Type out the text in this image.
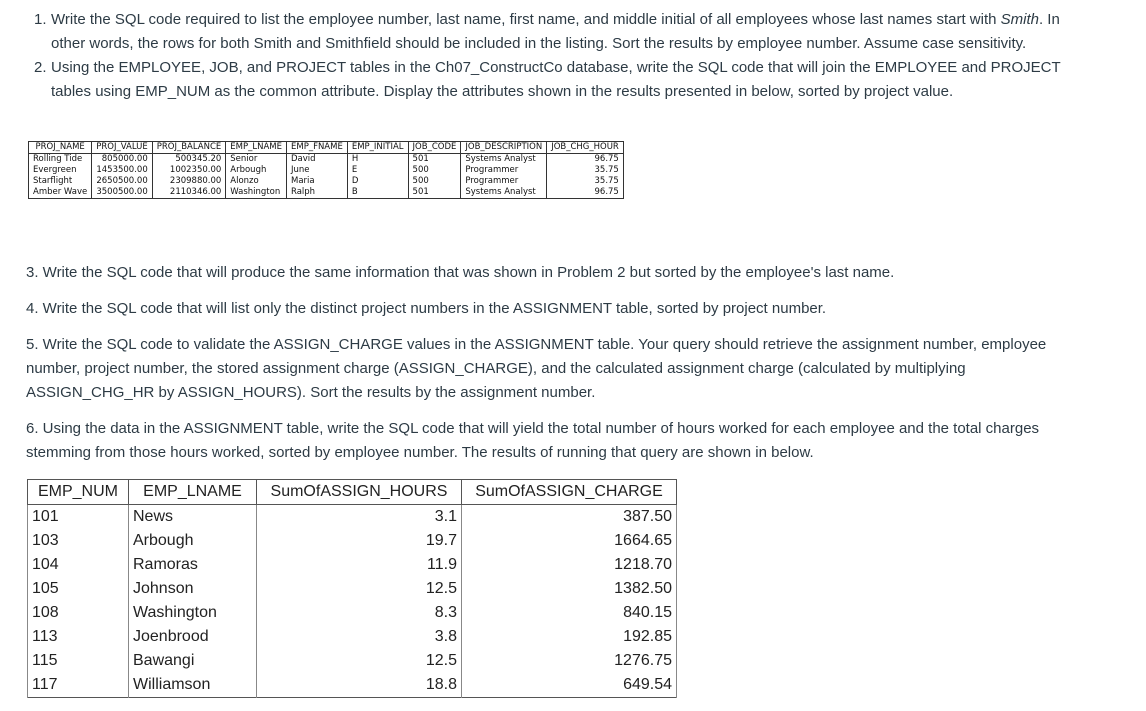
1. Write the SQL code required to list the employee number, last name, first name, and middle initial of all employees whose last names start with Smith. In other words, the rows for both Smith and Smithfield should be included in the listing. Sort the results by employee number. Assume case sensitivity.
2. Using the EMPLOYEE, JOB, and PROJECT tables in the Ch07_ConstructCo database, write the SQL code that will join the EMPLOYEE and PROJECT tables using EMP_NUM as the common attribute. Display the attributes shown in the results presented in below, sorted by project value.
PROJ_NAME	PROJ_VALUE	PROJ_BALANCE	EMP_LNAME	EMP_FNAME	EMP_INITIAL	JOB_CODE	JOB_DESCRIPTION	JOB_CHG_HOUR
Rolling Tide	805000.00	500345.20	Senior	David	H	501	Systems Analyst	96.75
Evergreen	1453500.00	1002350.00	Arbough	June	E	500	Programmer	35.75
Starflight	2650500.00	2309880.00	Alonzo	Maria	D	500	Programmer	35.75
Amber Wave	3500500.00	2110346.00	Washington	Ralph	B	501	Systems Analyst	96.75

3. Write the SQL code that will produce the same information that was shown in Problem 2 but sorted by the employee's last name.

4. Write the SQL code that will list only the distinct project numbers in the ASSIGNMENT table, sorted by project number.

5. Write the SQL code to validate the ASSIGN_CHARGE values in the ASSIGNMENT table. Your query should retrieve the assignment number, employee number, project number, the stored assignment charge (ASSIGN_CHARGE), and the calculated assignment charge (calculated by multiplying ASSIGN_CHG_HR by ASSIGN_HOURS). Sort the results by the assignment number.

6. Using the data in the ASSIGNMENT table, write the SQL code that will yield the total number of hours worked for each employee and the total charges stemming from those hours worked, sorted by employee number. The results of running that query are shown in below.

EMP_NUM	EMP_LNAME	SumOfASSIGN_HOURS	SumOfASSIGN_CHARGE
101	News	3.1	387.50
103	Arbough	19.7	1664.65
104	Ramoras	11.9	1218.70
105	Johnson	12.5	1382.50
108	Washington	8.3	840.15
113	Joenbrood	3.8	192.85
115	Bawangi	12.5	1276.75
117	Williamson	18.8	649.54
